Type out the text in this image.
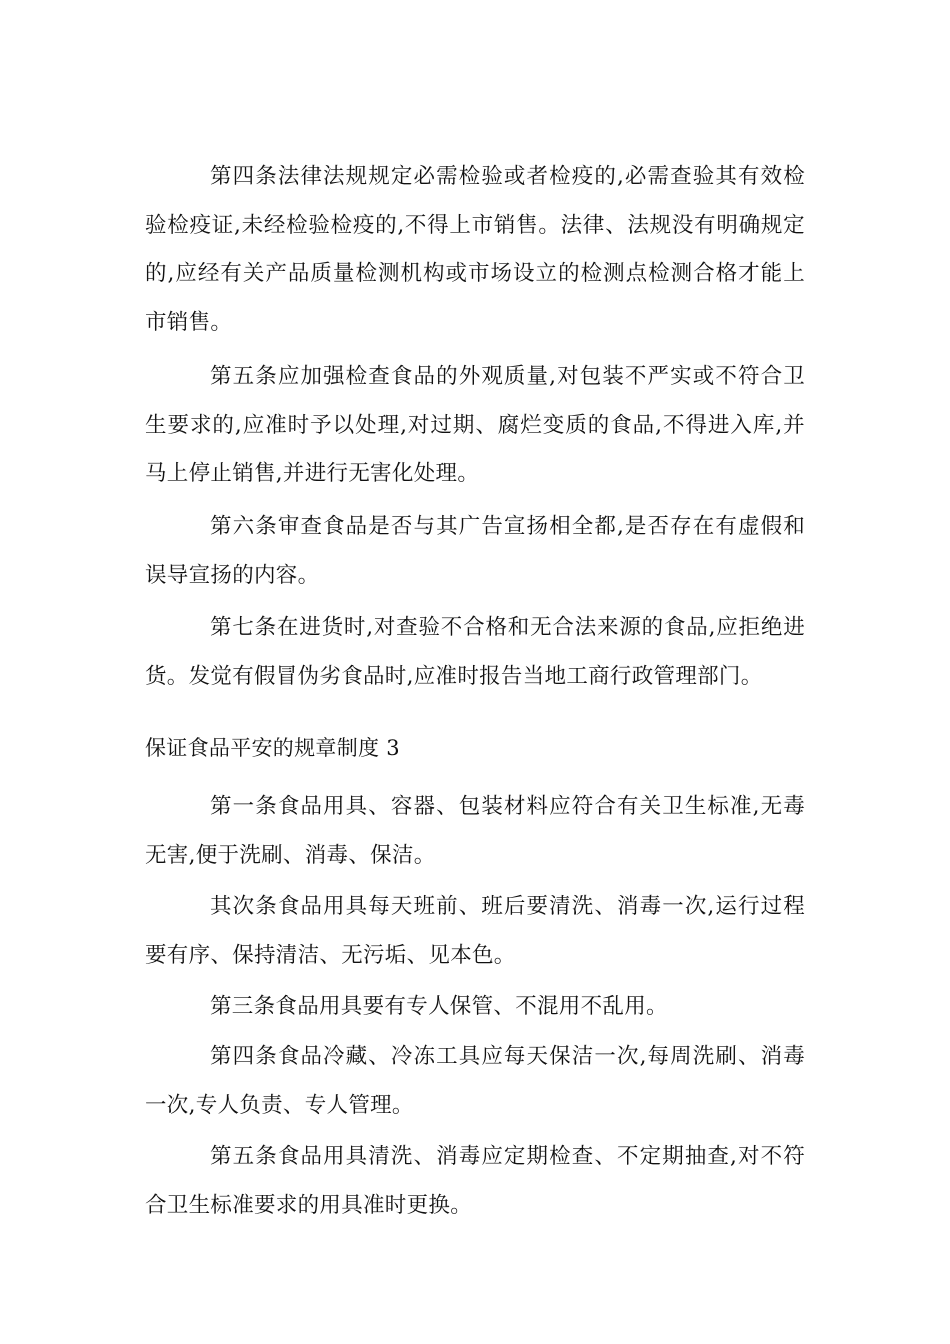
第四条法律法规规定必需检验或者检疫的,必需查验其有效检验检疫证,未经检验检疫的,不得上市销售。法律、法规没有明确规定的,应经有关产品质量检测机构或市场设立的检测点检测合格才能上市销售。

第五条应加强检查食品的外观质量,对包装不严实或不符合卫生要求的,应准时予以处理,对过期、腐烂变质的食品,不得进入库,并马上停止销售,并进行无害化处理。

第六条审查食品是否与其广告宣扬相全都,是否存在有虚假和误导宣扬的内容。

第七条在进货时,对查验不合格和无合法来源的食品,应拒绝进货。发觉有假冒伪劣食品时,应准时报告当地工商行政管理部门。

保证食品平安的规章制度 3

第一条食品用具、容器、包装材料应符合有关卫生标准,无毒无害,便于洗刷、消毒、保洁。

其次条食品用具每天班前、班后要清洗、消毒一次,运行过程要有序、保持清洁、无污垢、见本色。

第三条食品用具要有专人保管、不混用不乱用。

第四条食品冷藏、冷冻工具应每天保洁一次,每周洗刷、消毒一次,专人负责、专人管理。

第五条食品用具清洗、消毒应定期检查、不定期抽查,对不符合卫生标准要求的用具准时更换。
